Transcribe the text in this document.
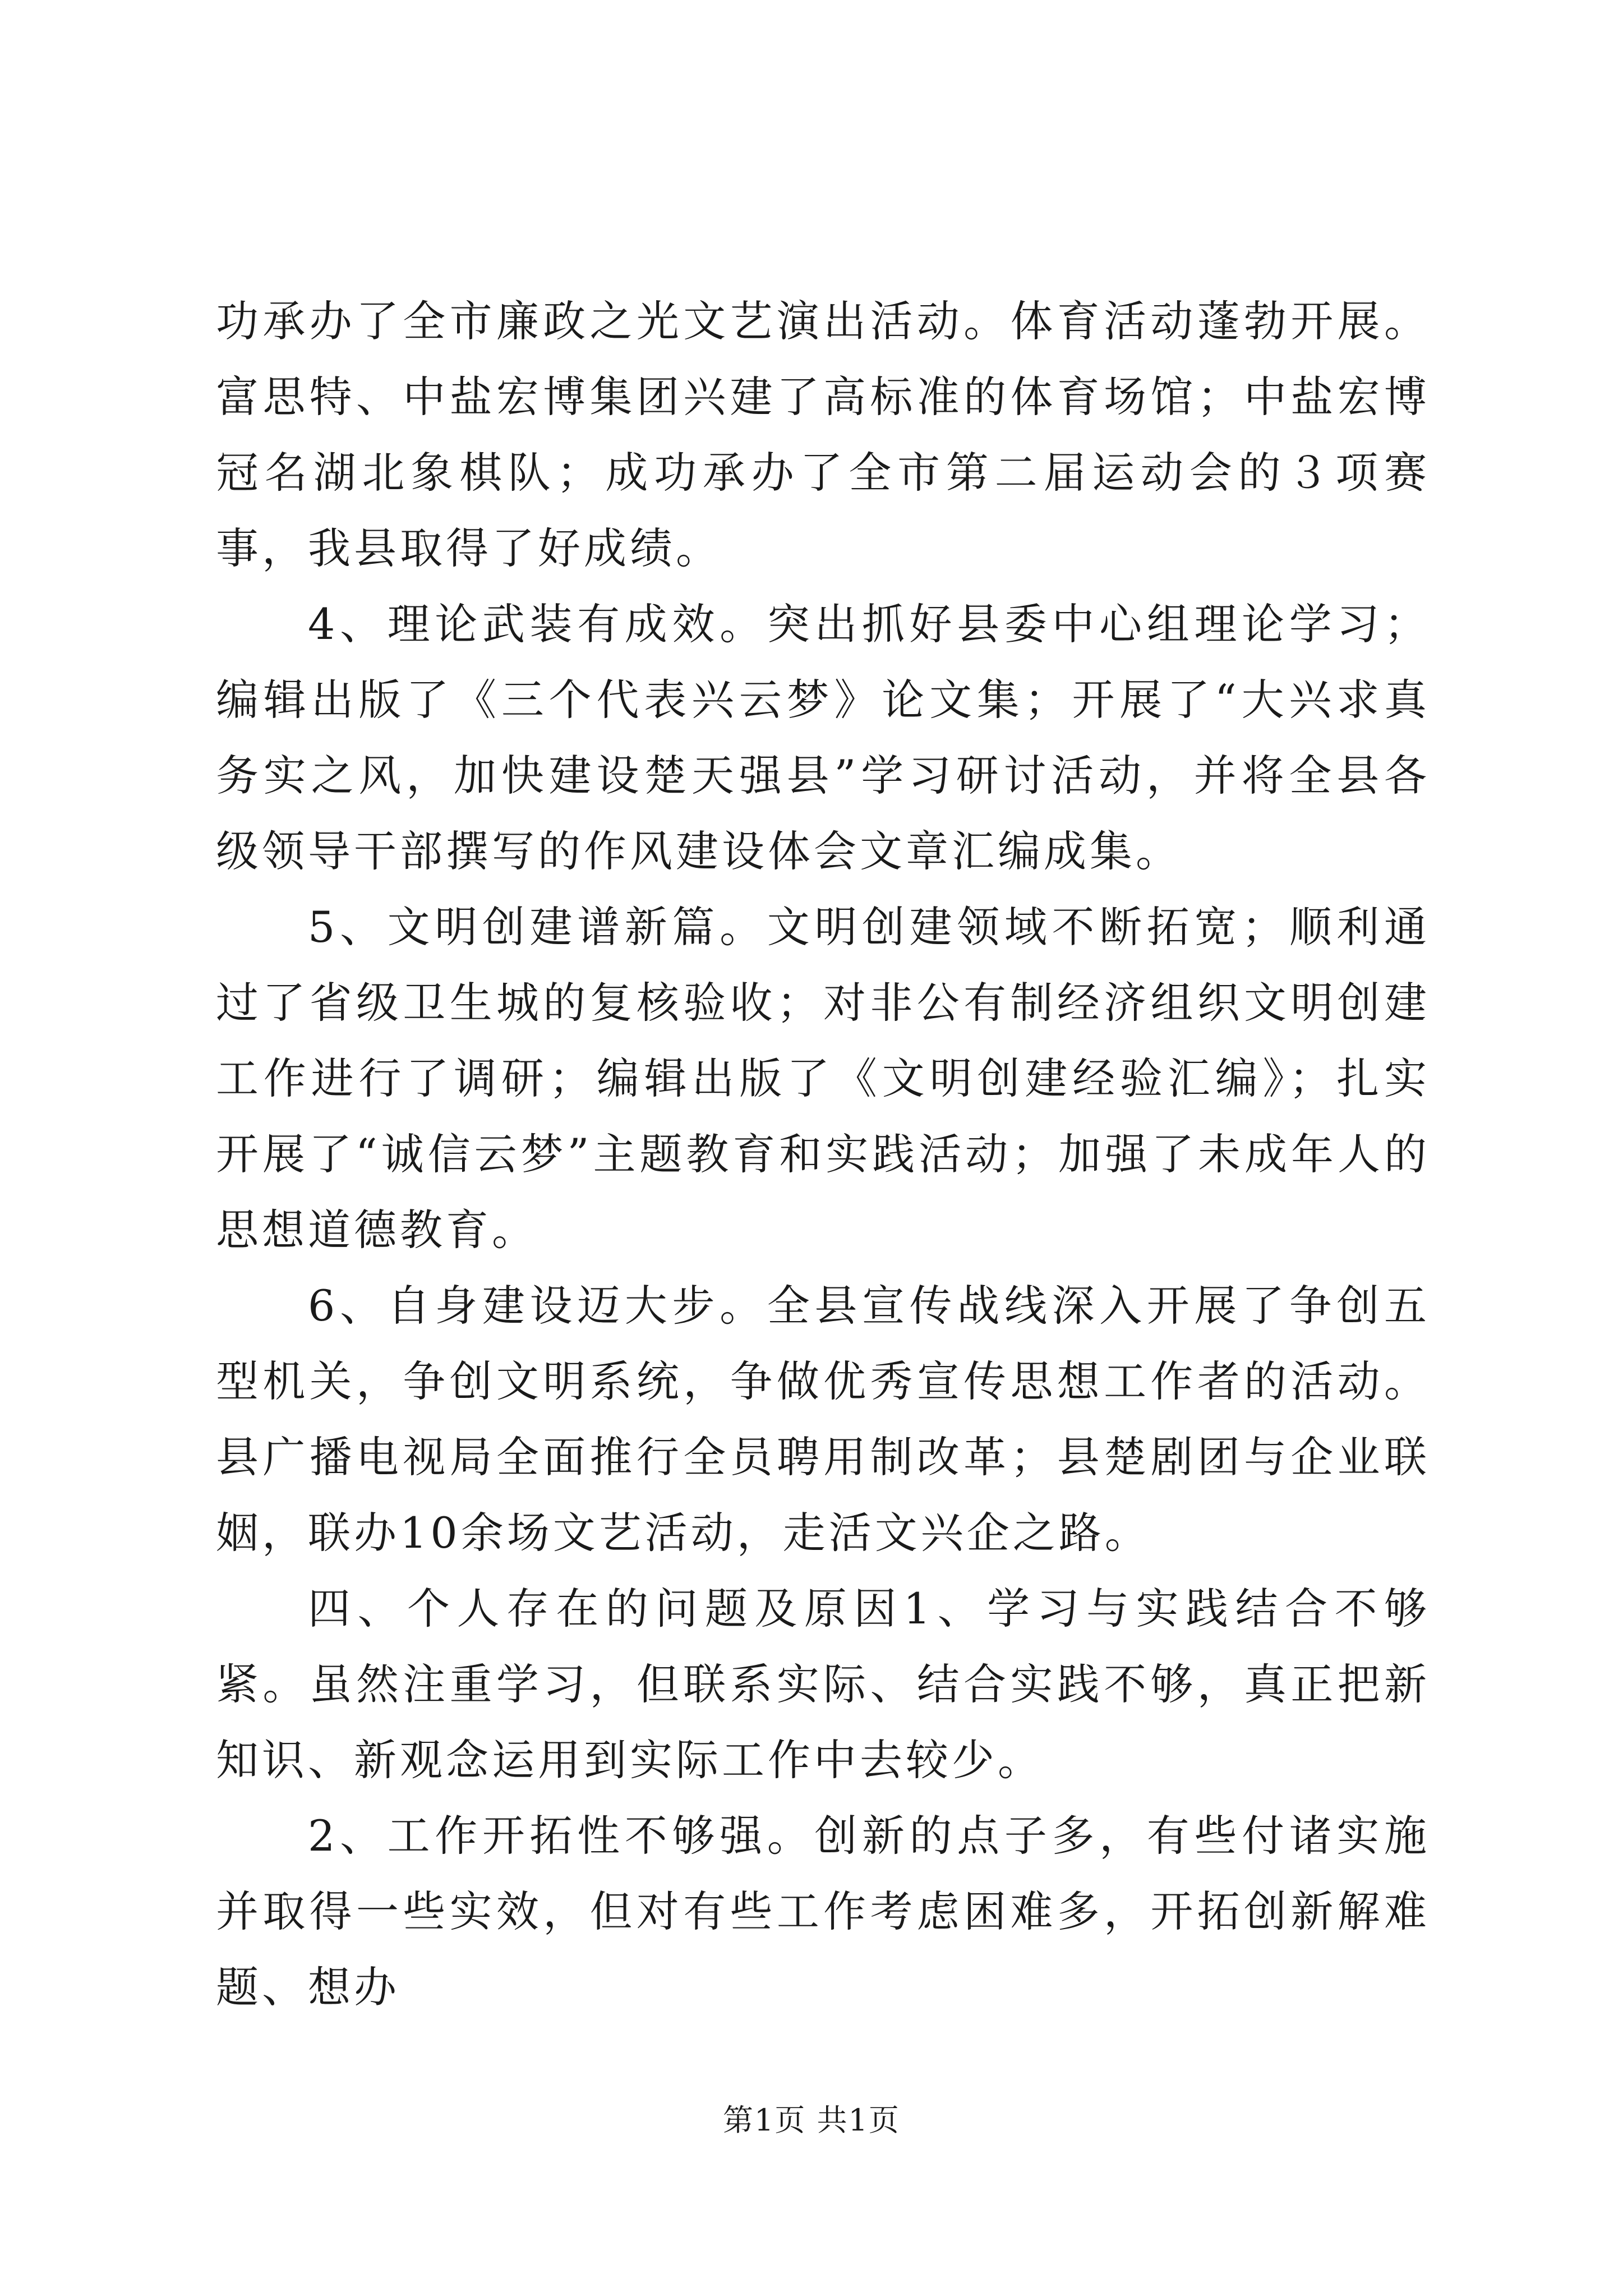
功承办了全市廉政之光文艺演出活动。体育活动蓬勃开展。富思特、中盐宏博集团兴建了高标准的体育场馆；中盐宏博冠名湖北象棋队；成功承办了全市第二届运动会的３项赛事，我县取得了好成绩。

4、理论武装有成效。突出抓好县委中心组理论学习；编辑出版了《三个代表兴云梦》论文集；开展了“大兴求真务实之风，加快建设楚天强县”学习研讨活动，并将全县各级领导干部撰写的作风建设体会文章汇编成集。

5、文明创建谱新篇。文明创建领域不断拓宽；顺利通过了省级卫生城的复核验收；对非公有制经济组织文明创建工作进行了调研；编辑出版了《文明创建经验汇编》；扎实开展了“诚信云梦”主题教育和实践活动；加强了未成年人的思想道德教育。

6、自身建设迈大步。全县宣传战线深入开展了争创五型机关，争创文明系统，争做优秀宣传思想工作者的活动。县广播电视局全面推行全员聘用制改革；县楚剧团与企业联姻，联办10余场文艺活动，走活文兴企之路。

四、个人存在的问题及原因1、学习与实践结合不够紧。虽然注重学习，但联系实际、结合实践不够，真正把新知识、新观念运用到实际工作中去较少。

2、工作开拓性不够强。创新的点子多，有些付诸实施并取得一些实效，但对有些工作考虑困难多，开拓创新解难题、想办

第1页 共1页
